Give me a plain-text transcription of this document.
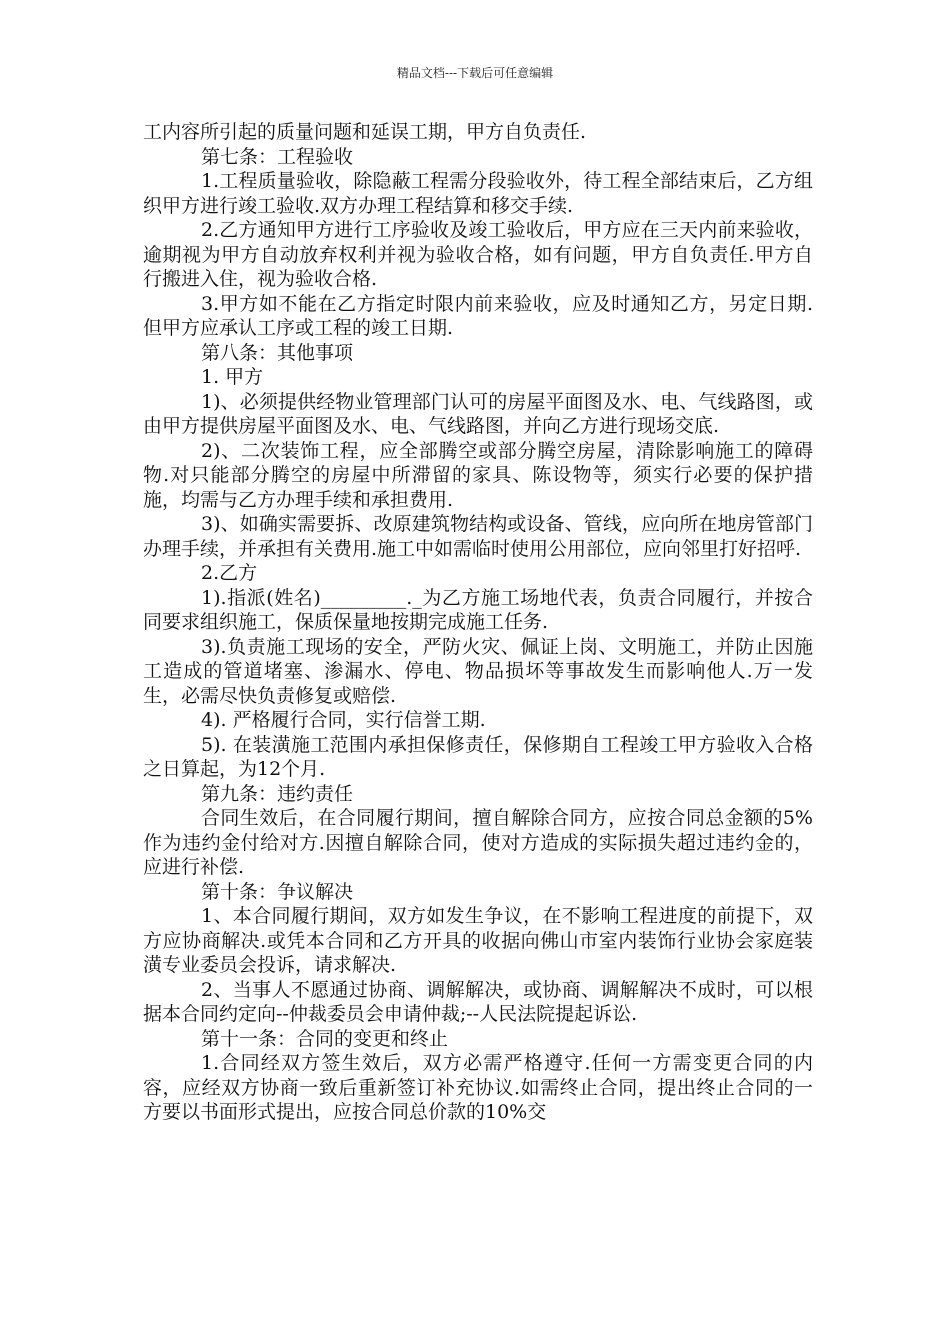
精品文档---下载后可任意编辑

工内容所引起的质量问题和延误工期，甲方自负责任.

第七条：工程验收

1.工程质量验收，除隐蔽工程需分段验收外，待工程全部结束后，乙方组织甲方进行竣工验收.双方办理工程结算和移交手续.

2.乙方通知甲方进行工序验收及竣工验收后，甲方应在三天内前来验收，逾期视为甲方自动放弃权利并视为验收合格，如有问题，甲方自负责任.甲方自行搬进入住，视为验收合格.

3.甲方如不能在乙方指定时限内前来验收，应及时通知乙方，另定日期.但甲方应承认工序或工程的竣工日期.

第八条：其他事项

1. 甲方

1)、必须提供经物业管理部门认可的房屋平面图及水、电、气线路图，或由甲方提供房屋平面图及水、电、气线路图，并向乙方进行现场交底.

2)、二次装饰工程，应全部腾空或部分腾空房屋，清除影响施工的障碍物.对只能部分腾空的房屋中所滞留的家具、陈设物等，须实行必要的保护措施，均需与乙方办理手续和承担费用.

3)、如确实需要拆、改原建筑物结构或设备、管线，应向所在地房管部门办理手续，并承担有关费用.施工中如需临时使用公用部位，应向邻里打好招呼.

2.乙方

1).指派(姓名)_________._为乙方施工场地代表，负责合同履行，并按合同要求组织施工，保质保量地按期完成施工任务.

3).负责施工现场的安全，严防火灾、佩证上岗、文明施工，并防止因施工造成的管道堵塞、渗漏水、停电、物品损坏等事故发生而影响他人.万一发生，必需尽快负责修复或赔偿.

4). 严格履行合同，实行信誉工期.

5). 在装潢施工范围内承担保修责任，保修期自工程竣工甲方验收入合格之日算起，为12个月.

第九条：违约责任

合同生效后，在合同履行期间，擅自解除合同方，应按合同总金额的5%作为违约金付给对方.因擅自解除合同，使对方造成的实际损失超过违约金的，应进行补偿.

第十条：争议解决

1、本合同履行期间，双方如发生争议，在不影响工程进度的前提下，双方应协商解决.或凭本合同和乙方开具的收据向佛山市室内装饰行业协会家庭装潢专业委员会投诉，请求解决.

2、当事人不愿通过协商、调解解决，或协商、调解解决不成时，可以根据本合同约定向--仲裁委员会申请仲裁;--人民法院提起诉讼.

第十一条：合同的变更和终止

1.合同经双方签生效后，双方必需严格遵守.任何一方需变更合同的内容，应经双方协商一致后重新签订补充协议.如需终止合同，提出终止合同的一方要以书面形式提出，应按合同总价款的10%交
